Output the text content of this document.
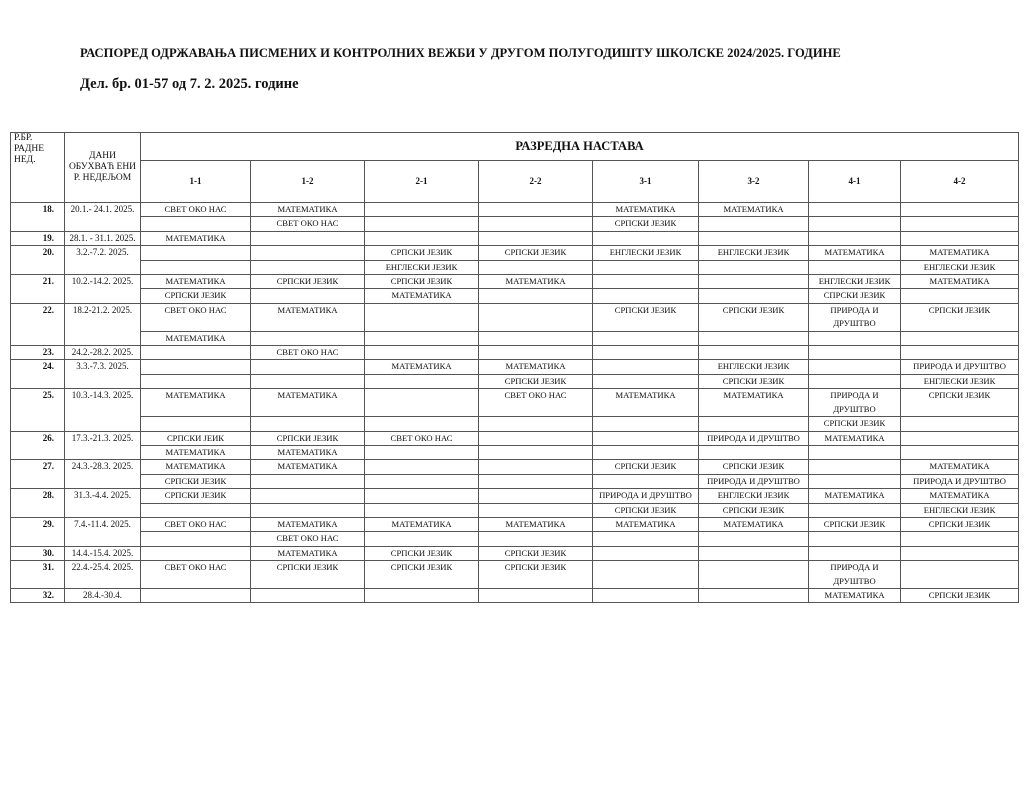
РАСПОРЕД ОДРЖАВАЊА ПИСМЕНИХ И КОНТРОЛНИХ ВЕЖБИ У ДРУГОМ ПОЛУГОДИШТУ ШКОЛСКЕ 2024/2025. ГОДИНЕ
Дел. бр. 01-57 од 7. 2. 2025. године
Р.БР. РАДНЕ НЕД.	ДАНИ ОБУХВАЋ ЕНИ Р. НЕДЕЉОМ	РАЗРЕДНА НАСТАВА							
		1-1	1-2	2-1	2-2	3-1	3-2	4-1	4-2
18.	20.1.- 24.1. 2025.	СВЕТ ОКО НАС	МАТЕМАТИКА			МАТЕМАТИКА	МАТЕМАТИКА		
			СВЕТ ОКО НАС			СРПСКИ ЈЕЗИК			
19.	28.1. - 31.1. 2025.	МАТЕМАТИКА							
20.	3.2.-7.2. 2025.			СРПСКИ ЈЕЗИК	СРПСКИ ЈЕЗИК	ЕНГЛЕСКИ ЈЕЗИК	ЕНГЛЕСКИ ЈЕЗИК	МАТЕМАТИКА	МАТЕМАТИКА
				ЕНГЛЕСКИ ЈЕЗИК					ЕНГЛЕСКИ ЈЕЗИК
21.	10.2.-14.2. 2025.	МАТЕМАТИКА	СРПСКИ ЈЕЗИК	СРПСКИ ЈЕЗИК	МАТЕМАТИКА			ЕНГЛЕСКИ ЈЕЗИК	МАТЕМАТИКА
		СРПСКИ ЈЕЗИК		МАТЕМАТИКА				СПРСКИ ЈЕЗИК	
22.	18.2-21.2. 2025.	СВЕТ ОКО НАС	МАТЕМАТИКА			СРПСКИ ЈЕЗИК	СРПСКИ ЈЕЗИК	ПРИРОДА И ДРУШТВО	СРПСКИ ЈЕЗИК
		МАТЕМАТИКА							
23.	24.2.-28.2. 2025.		СВЕТ ОКО НАС						
24.	3.3.-7.3. 2025.			МАТЕМАТИКА	МАТЕМАТИКА		ЕНГЛЕСКИ ЈЕЗИК		ПРИРОДА И ДРУШТВО
					СРПСКИ ЈЕЗИК		СРПСКИ ЈЕЗИК		ЕНГЛЕСКИ ЈЕЗИК
25.	10.3.-14.3. 2025.	МАТЕМАТИКА	МАТЕМАТИКА		СВЕТ ОКО НАС	МАТЕМАТИКА	МАТЕМАТИКА	ПРИРОДА И ДРУШТВО	СРПСКИ ЈЕЗИК
								СРПСКИ ЈЕЗИК	
26.	17.3.-21.3. 2025.	СРПСКИ ЈЕИК	СРПСКИ ЈЕЗИК	СВЕТ ОКО НАС			ПРИРОДА И ДРУШТВО	МАТЕМАТИКА	
		МАТЕМАТИКА	МАТЕМАТИКА						
27.	24.3.-28.3. 2025.	МАТЕМАТИКА	МАТЕМАТИКА			СРПСКИ ЈЕЗИК	СРПСКИ ЈЕЗИК		МАТЕМАТИКА
		СРПСКИ ЈЕЗИК					ПРИРОДА И ДРУШТВО		ПРИРОДА И ДРУШТВО
28.	31.3.-4.4. 2025.	СРПСКИ ЈЕЗИК				ПРИРОДА И ДРУШТВО	ЕНГЛЕСКИ ЈЕЗИК	МАТЕМАТИКА	МАТЕМАТИКА
						СРПСКИ ЈЕЗИК	СРПСКИ ЈЕЗИК		ЕНГЛЕСКИ ЈЕЗИК
29.	7.4.-11.4. 2025.	СВЕТ ОКО НАС	МАТЕМАТИКА	МАТЕМАТИКА	МАТЕМАТИКА	МАТЕМАТИКА	МАТЕМАТИКА	СРПСКИ ЈЕЗИК	СРПСКИ ЈЕЗИК
			СВЕТ ОКО НАС						
30.	14.4.-15.4. 2025.		МАТЕМАТИКА	СРПСКИ ЈЕЗИК	СРПСКИ ЈЕЗИК				
31.	22.4.-25.4. 2025.	СВЕТ ОКО НАС	СРПСКИ ЈЕЗИК	СРПСКИ ЈЕЗИК	СРПСКИ ЈЕЗИК			ПРИРОДА И ДРУШТВО	
32.	28.4.-30.4.							МАТЕМАТИКА	СРПСКИ ЈЕЗИК
